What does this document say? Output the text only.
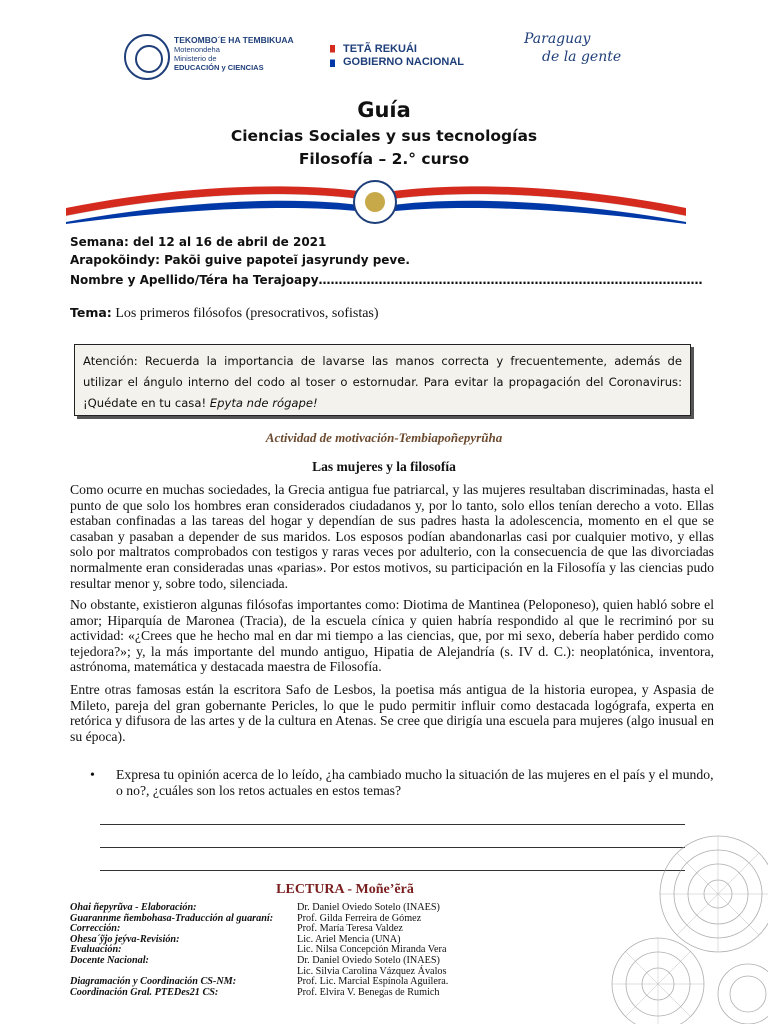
TEKOMBO´E HA TEMBIKUAA
Motenondeha
Ministerio de
EDUCACIÓN y CIENCIAS
TETÃ REKUÁI
GOBIERNO NACIONAL
Paraguay
de la gente
Guía
Ciencias Sociales y sus tecnologías
Filosofía – 2.° curso
Semana: del 12 al 16 de abril de 2021
Arapokõindy: Pakõi guive papoteĩ jasyrundy peve.
Nombre y Apellido/Téra ha Terajoapy……………………………………………………………………………………
Tema: Los primeros filósofos (presocrativos, sofistas)
Atención: Recuerda la importancia de lavarse las manos correcta y frecuentemente, además de utilizar el ángulo interno del codo al toser o estornudar. Para evitar la propagación del Coronavirus: ¡Quédate en tu casa! Epyta nde rógape!
Actividad de motivación-Tembiapoñepyrũha
Las mujeres y la filosofía
Como ocurre en muchas sociedades, la Grecia antigua fue patriarcal, y las mujeres resultaban discriminadas, hasta el punto de que solo los hombres eran considerados ciudadanos y, por lo tanto, solo ellos tenían derecho a voto. Ellas estaban confinadas a las tareas del hogar y dependían de sus padres hasta la adolescencia, momento en el que se casaban y pasaban a depender de sus maridos. Los esposos podían abandonarlas casi por cualquier motivo, y ellas solo por maltratos comprobados con testigos y raras veces por adulterio, con la consecuencia de que las divorciadas normalmente eran consideradas unas «parias». Por estos motivos, su participación en la Filosofía y las ciencias pudo resultar menor y, sobre todo, silenciada.
No obstante, existieron algunas filósofas importantes como: Diotima de Mantinea (Peloponeso), quien habló sobre el amor; Hiparquía de Maronea (Tracia), de la escuela cínica y quien habría respondido al que le recriminó por su actividad: «¿Crees que he hecho mal en dar mi tiempo a las ciencias, que, por mi sexo, debería haber perdido como tejedora?»; y, la más importante del mundo antiguo, Hipatia de Alejandría (s. IV d. C.): neoplatónica, inventora, astrónoma, matemática y destacada maestra de Filosofía.
Entre otras famosas están la escritora Safo de Lesbos, la poetisa más antigua de la historia europea, y Aspasia de Mileto, pareja del gran gobernante Pericles, lo que le pudo permitir influir como destacada logógrafa, experta en retórica y difusora de las artes y de la cultura en Atenas. Se cree que dirigía una escuela para mujeres (algo inusual en su época).
• Expresa tu opinión acerca de lo leído, ¿ha cambiado mucho la situación de las mujeres en el país y el mundo, o no?, ¿cuáles son los retos actuales en estos temas?
LECTURA - Moñe’ẽrã
Ohai ñepyrũva - Elaboración:	Dr. Daniel Oviedo Sotelo (INAES)
Guarannme ñembohasa-Traducción al guaraní: Prof. Gilda Ferreira de Gómez
Corrección:	Prof. María Teresa Valdez
Ohesa´ỹjo jeýva-Revisión:	Lic. Ariel Mencia (UNA)
Evaluación:	Lic. Nilsa Concepción Miranda Vera
Docente Nacional:	Dr. Daniel Oviedo Sotelo (INAES)
Lic. Silvia Carolina Vázquez Ávalos
Diagramación y Coordinación CS-NM:	Prof. Lic. Marcial Espínola Aguilera.
Coordinación Gral. PTEDes21 CS:	Prof. Elvira V. Benegas de Rumich
